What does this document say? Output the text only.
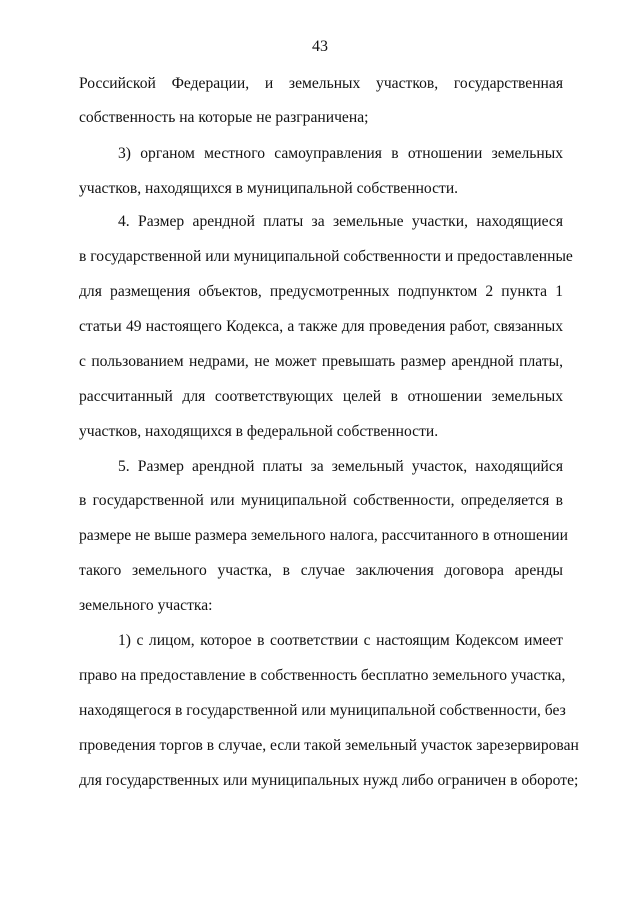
43
Российской Федерации, и земельных участков, государственная
собственность на которые не разграничена;
3) органом местного самоуправления в отношении земельных
участков, находящихся в муниципальной собственности.
4. Размер арендной платы за земельные участки, находящиеся
в государственной или муниципальной собственности и предоставленные
для размещения объектов, предусмотренных подпунктом 2 пункта 1
статьи 49 настоящего Кодекса, а также для проведения работ, связанных
с пользованием недрами, не может превышать размер арендной платы,
рассчитанный для соответствующих целей в отношении земельных
участков, находящихся в федеральной собственности.
5. Размер арендной платы за земельный участок, находящийся
в государственной или муниципальной собственности, определяется в
размере не выше размера земельного налога, рассчитанного в отношении
такого земельного участка, в случае заключения договора аренды
земельного участка:
1) с лицом, которое в соответствии с настоящим Кодексом имеет
право на предоставление в собственность бесплатно земельного участка,
находящегося в государственной или муниципальной собственности, без
проведения торгов в случае, если такой земельный участок зарезервирован
для государственных или муниципальных нужд либо ограничен в обороте;
